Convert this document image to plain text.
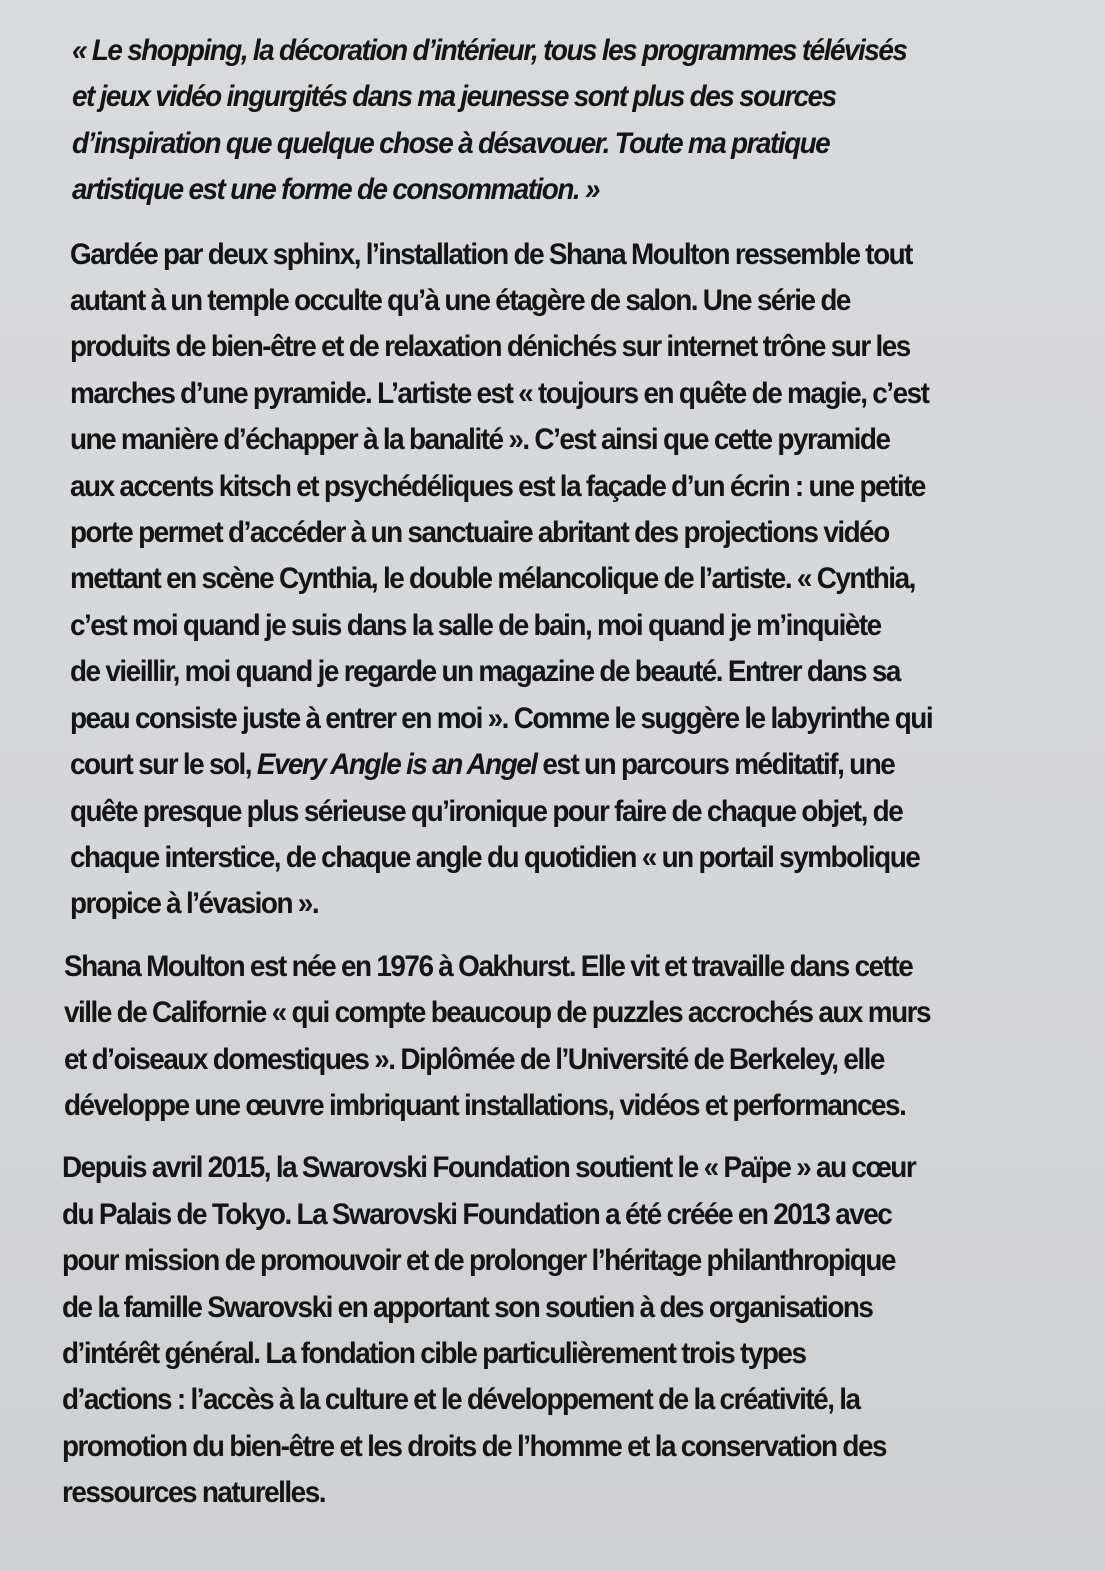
« Le shopping, la décoration d’intérieur, tous les programmes télévisés
et jeux vidéo ingurgités dans ma jeunesse sont plus des sources
d’inspiration que quelque chose à désavouer. Toute ma pratique
artistique est une forme de consommation. »

Gardée par deux sphinx, l’installation de Shana Moulton ressemble tout
autant à un temple occulte qu’à une étagère de salon. Une série de
produits de bien-être et de relaxation dénichés sur internet trône sur les
marches d’une pyramide. L’artiste est « toujours en quête de magie, c’est
une manière d’échapper à la banalité ». C’est ainsi que cette pyramide
aux accents kitsch et psychédéliques est la façade d’un écrin : une petite
porte permet d’accéder à un sanctuaire abritant des projections vidéo
mettant en scène Cynthia, le double mélancolique de l’artiste. « Cynthia,
c’est moi quand je suis dans la salle de bain, moi quand je m’inquiète
de vieillir, moi quand je regarde un magazine de beauté. Entrer dans sa
peau consiste juste à entrer en moi ». Comme le suggère le labyrinthe qui
court sur le sol, Every Angle is an Angel est un parcours méditatif, une
quête presque plus sérieuse qu’ironique pour faire de chaque objet, de
chaque interstice, de chaque angle du quotidien « un portail symbolique
propice à l’évasion ».

Shana Moulton est née en 1976 à Oakhurst. Elle vit et travaille dans cette
ville de Californie « qui compte beaucoup de puzzles accrochés aux murs
et d’oiseaux domestiques ». Diplômée de l’Université de Berkeley, elle
développe une œuvre imbriquant installations, vidéos et performances.

Depuis avril 2015, la Swarovski Foundation soutient le « Païpe » au cœur
du Palais de Tokyo. La Swarovski Foundation a été créée en 2013 avec
pour mission de promouvoir et de prolonger l’héritage philanthropique
de la famille Swarovski en apportant son soutien à des organisations
d’intérêt général. La fondation cible particulièrement trois types
d’actions : l’accès à la culture et le développement de la créativité, la
promotion du bien-être et les droits de l’homme et la conservation des
ressources naturelles.
